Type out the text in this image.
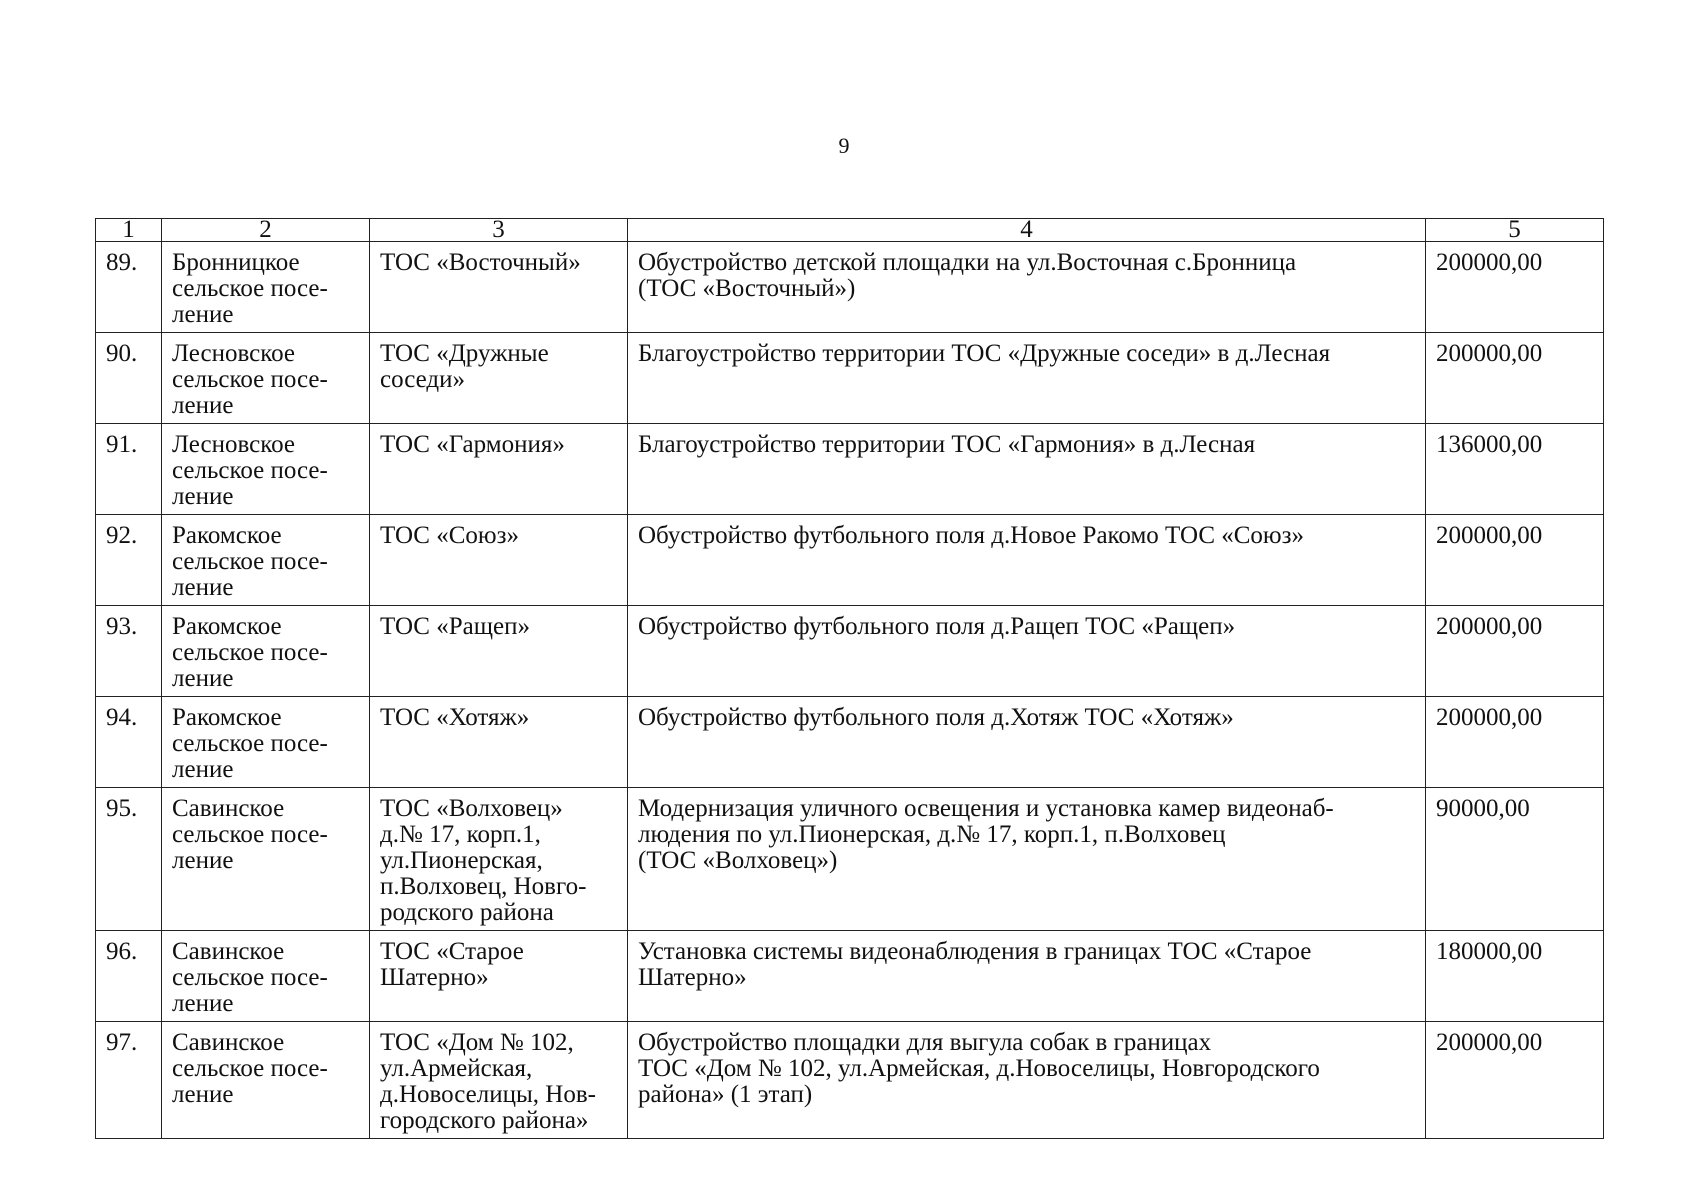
9
1	2	3	4	5
89.	Бронницкое
сельское посе-
ление	ТОС «Восточный»	Обустройство детской площадки на ул.Восточная с.Бронница
(ТОС «Восточный»)	200000,00
90.	Лесновское
сельское посе-
ление	ТОС «Дружные
соседи»	Благоустройство территории ТОС «Дружные соседи» в д.Лесная	200000,00
91.	Лесновское
сельское посе-
ление	ТОС «Гармония»	Благоустройство территории ТОС «Гармония» в д.Лесная	136000,00
92.	Ракомское
сельское посе-
ление	ТОС «Союз»	Обустройство футбольного поля д.Новое Ракомо ТОС «Союз»	200000,00
93.	Ракомское
сельское посе-
ление	ТОС «Ращеп»	Обустройство футбольного поля д.Ращеп ТОС «Ращеп»	200000,00
94.	Ракомское
сельское посе-
ление	ТОС «Хотяж»	Обустройство футбольного поля д.Хотяж ТОС «Хотяж»	200000,00
95.	Савинское
сельское посе-
ление	ТОС «Волховец»
д.№ 17, корп.1,
ул.Пионерская,
п.Волховец, Новго-
родского района	Модернизация уличного освещения и установка камер видеонаб-
людения по ул.Пионерская, д.№ 17, корп.1, п.Волховец
(ТОС «Волховец»)	90000,00
96.	Савинское
сельское посе-
ление	ТОС «Старое
Шатерно»	Установка системы видеонаблюдения в границах ТОС «Старое
Шатерно»	180000,00
97.	Савинское
сельское посе-
ление	ТОС «Дом № 102,
ул.Армейская,
д.Новоселицы, Нов-
городского района»	Обустройство площадки для выгула собак в границах
ТОС «Дом № 102, ул.Армейская, д.Новоселицы, Новгородского
района» (1 этап)	200000,00
